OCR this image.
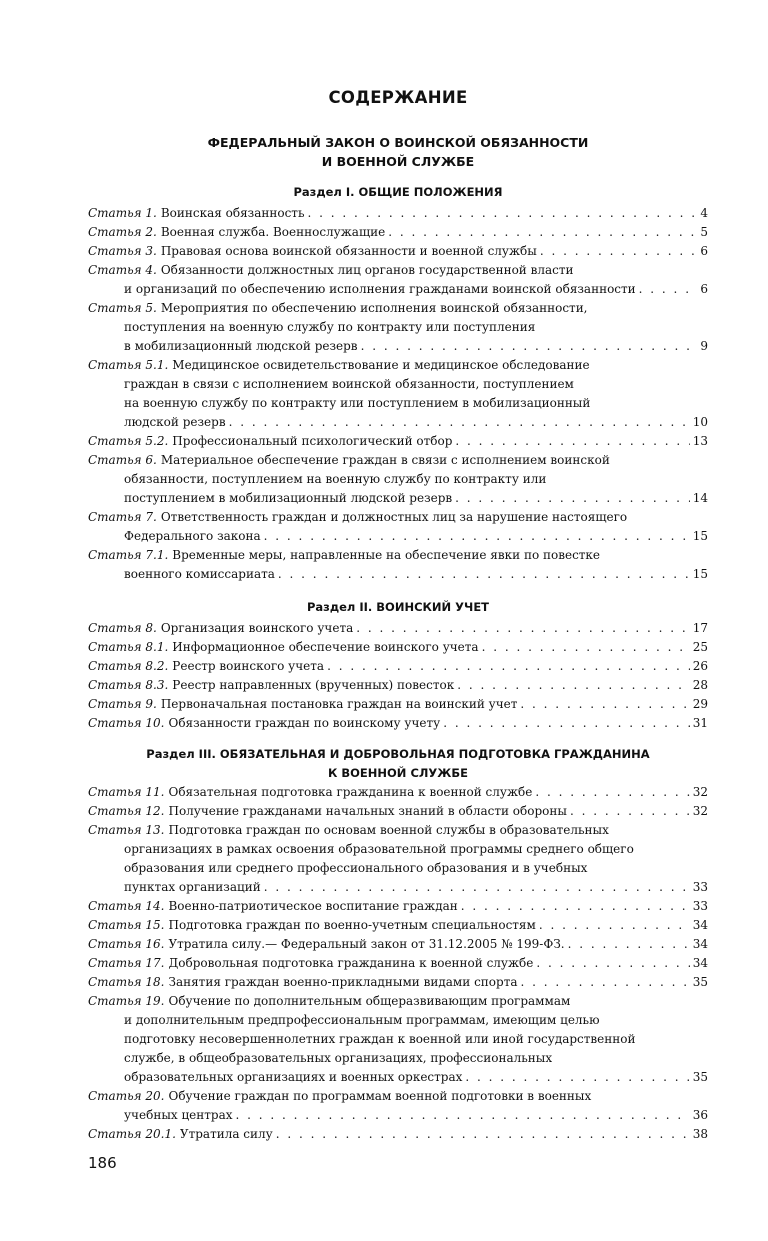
СОДЕРЖАНИЕ
ФЕДЕРАЛЬНЫЙ ЗАКОН О ВОИНСКОЙ ОБЯЗАННОСТИ
И ВОЕННОЙ СЛУЖБЕ
Раздел I. ОБЩИЕ ПОЛОЖЕНИЯ
Статья 1. Воинская обязанность . . .	4
Статья 2. Военная служба. Военнослужащие . . .	5
Статья 3. Правовая основа воинской обязанности и военной службы . . .	6
Статья 4. Обязанности должностных лиц органов государственной власти
и организаций по обеспечению исполнения гражданами воинской обязанности . . .	6
Статья 5. Мероприятия по обеспечению исполнения воинской обязанности,
поступления на военную службу по контракту или поступления
в мобилизационный людской резерв . . .	9
Статья 5.1. Медицинское освидетельствование и медицинское обследование
граждан в связи с исполнением воинской обязанности, поступлением
на военную службу по контракту или поступлением в мобилизационный
людской резерв . . .	10
Статья 5.2. Профессиональный психологический отбор . . .	13
Статья 6. Материальное обеспечение граждан в связи с исполнением воинской
обязанности, поступлением на военную службу по контракту или
поступлением в мобилизационный людской резерв . . .	14
Статья 7. Ответственность граждан и должностных лиц за нарушение настоящего
Федерального закона . . .	15
Статья 7.1. Временные меры, направленные на обеспечение явки по повестке
военного комиссариата . . .	15
Раздел II. ВОИНСКИЙ УЧЕТ
Статья 8. Организация воинского учета . . .	17
Статья 8.1. Информационное обеспечение воинского учета . . .	25
Статья 8.2. Реестр воинского учета . . .	26
Статья 8.3. Реестр направленных (врученных) повесток . . .	28
Статья 9. Первоначальная постановка граждан на воинский учет . . .	29
Статья 10. Обязанности граждан по воинскому учету . . .	31
Раздел III. ОБЯЗАТЕЛЬНАЯ И ДОБРОВОЛЬНАЯ ПОДГОТОВКА ГРАЖДАНИНА
К ВОЕННОЙ СЛУЖБЕ
Статья 11. Обязательная подготовка гражданина к военной службе . . .	32
Статья 12. Получение гражданами начальных знаний в области обороны . . .	32
Статья 13. Подготовка граждан по основам военной службы в образовательных
организациях в рамках освоения образовательной программы среднего общего
образования или среднего профессионального образования и в учебных
пунктах организаций . . .	33
Статья 14. Военно-патриотическое воспитание граждан . . .	33
Статья 15. Подготовка граждан по военно-учетным специальностям . . .	34
Статья 16. Утратила силу.— Федеральный закон от 31.12.2005 № 199-ФЗ. . . .	34
Статья 17. Добровольная подготовка гражданина к военной службе . . .	34
Статья 18. Занятия граждан военно-прикладными видами спорта . . .	35
Статья 19. Обучение по дополнительным общеразвивающим программам
и дополнительным предпрофессиональным программам, имеющим целью
подготовку несовершеннолетних граждан к военной или иной государственной
службе, в общеобразовательных организациях, профессиональных
образовательных организациях и военных оркестрах . . .	35
Статья 20. Обучение граждан по программам военной подготовки в военных
учебных центрах . . .	36
Статья 20.1. Утратила силу . . .	38
186
